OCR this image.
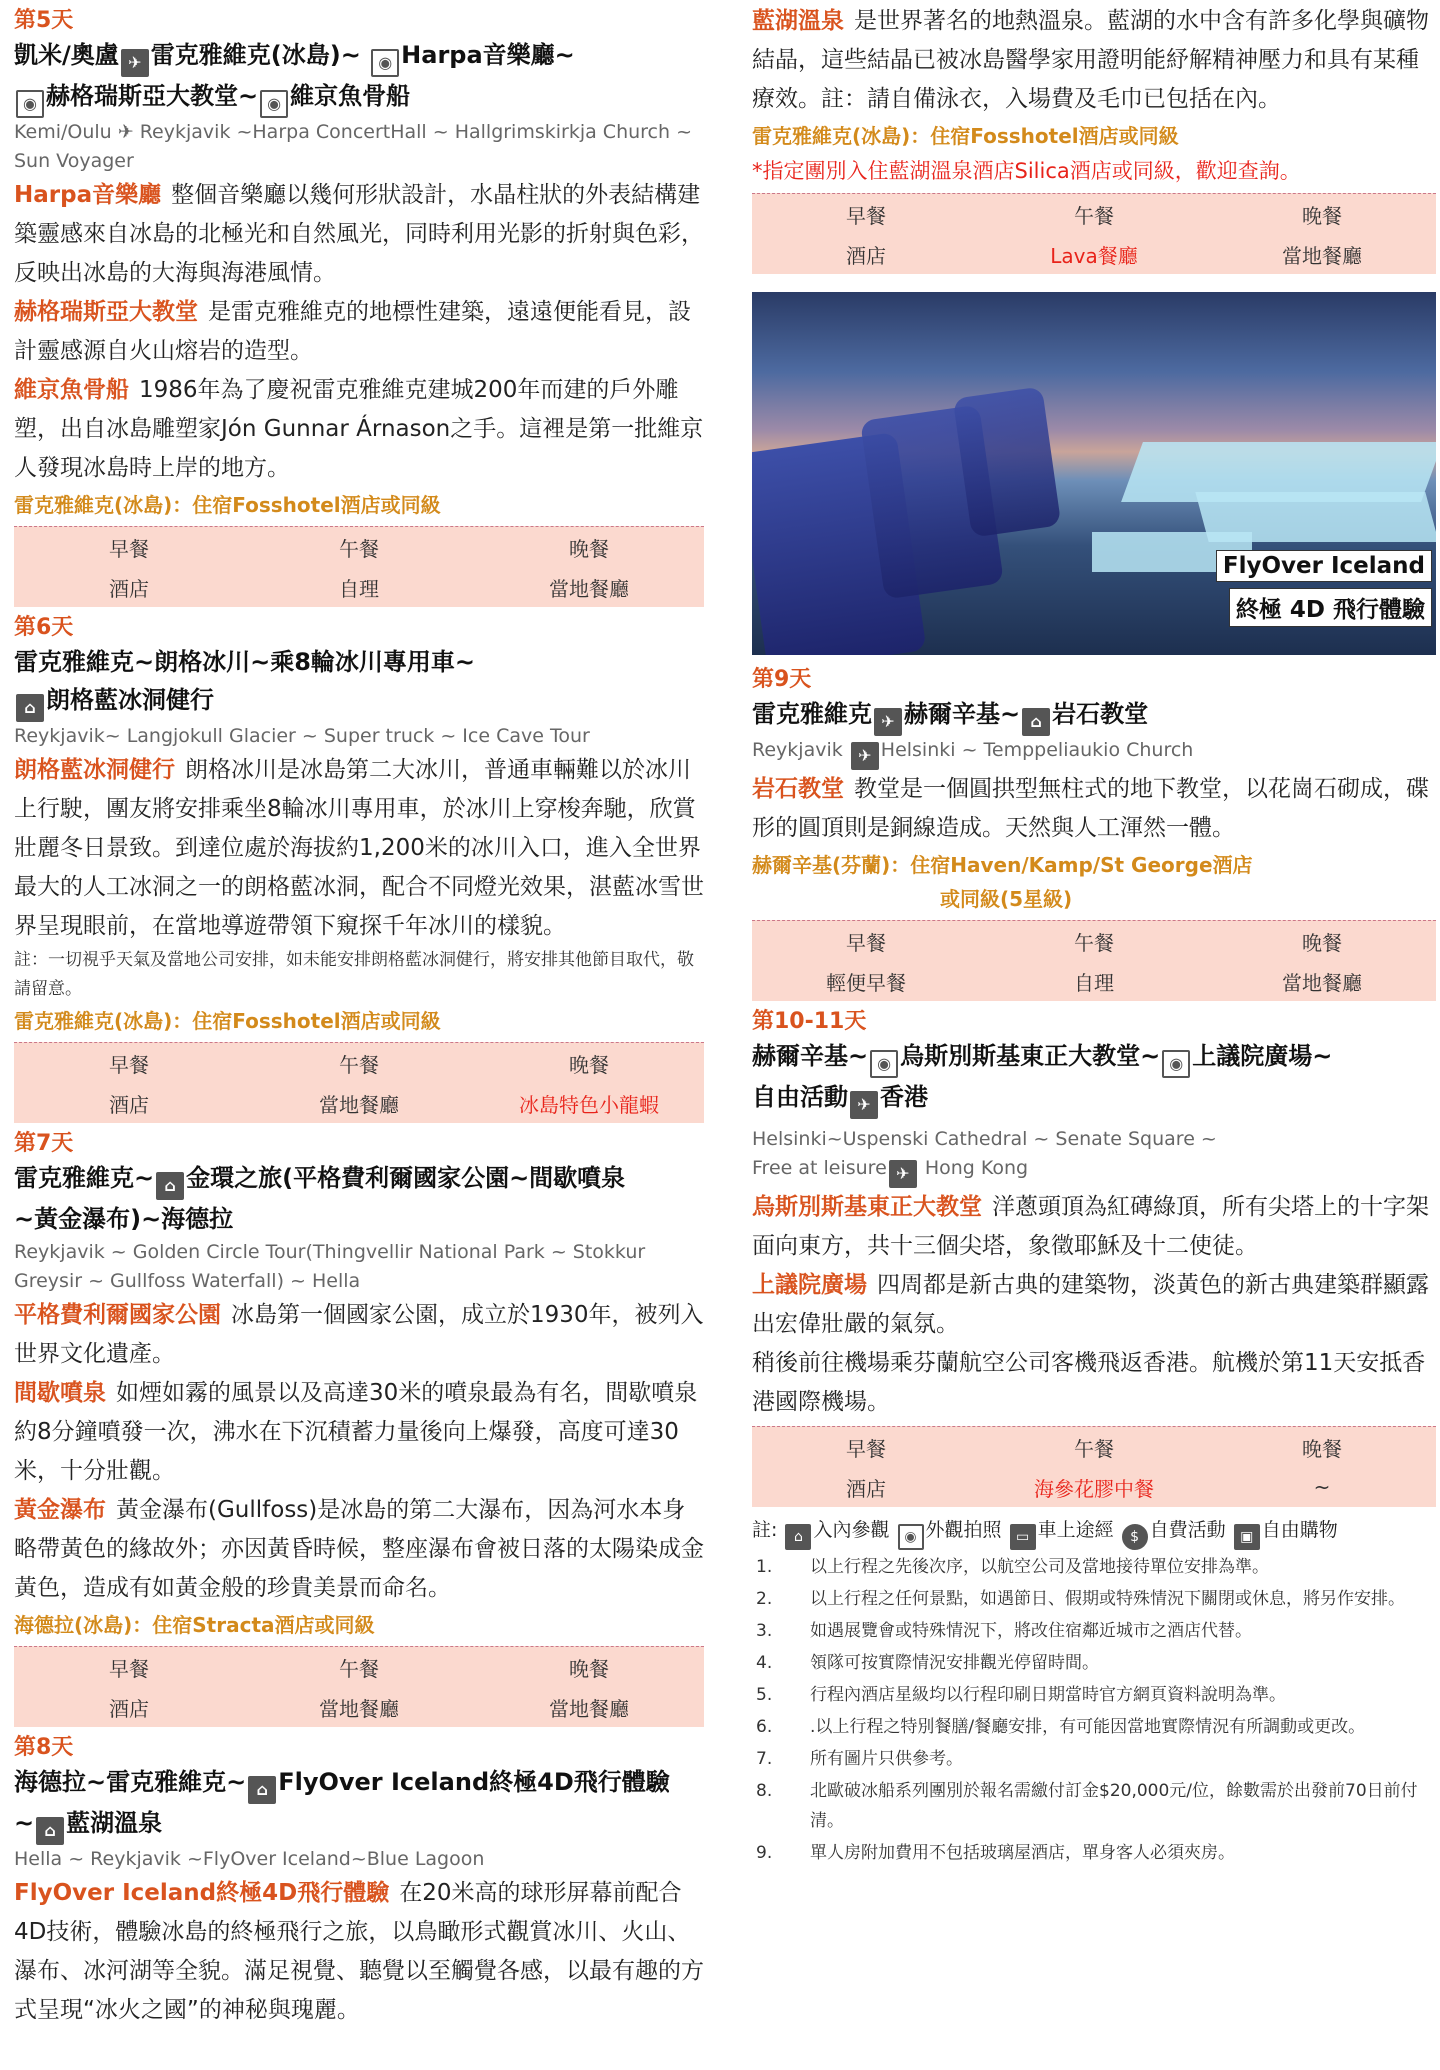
第5天
凱米/奧盧 ✈ 雷克雅維克(冰島)~ ◉ Harpa音樂廳~
◉ 赫格瑞斯亞大教堂~ ◉ 維京魚骨船
Kemi/Oulu ✈ Reykjavik ~Harpa ConcertHall ~ Hallgrimskirkja Church ~ Sun Voyager
Harpa音樂廳 整個音樂廳以幾何形狀設計，水晶柱狀的外表結構建築靈感來自冰島的北極光和自然風光，同時利用光影的折射與色彩，反映出冰島的大海與海港風情。
赫格瑞斯亞大教堂 是雷克雅維克的地標性建築，遠遠便能看見，設計靈感源自火山熔岩的造型。
維京魚骨船 1986年為了慶祝雷克雅維克建城200年而建的戶外雕塑，出自冰島雕塑家Jón Gunnar Árnason之手。這裡是第一批維京人發現冰島時上岸的地方。
雷克雅維克(冰島)：住宿Fosshotel酒店或同級
早餐	午餐	晚餐
酒店	自理	當地餐廳
第6天
雷克雅維克~朗格冰川~乘8輪冰川專用車~
⌂ 朗格藍冰洞健行
Reykjavik~ Langjokull Glacier ~ Super truck ~ Ice Cave Tour
朗格藍冰洞健行 朗格冰川是冰島第二大冰川，普通車輛難以於冰川上行駛，團友將安排乘坐8輪冰川專用車，於冰川上穿梭奔馳，欣賞壯麗冬日景致。到達位處於海拔約1,200米的冰川入口，進入全世界最大的人工冰洞之一的朗格藍冰洞，配合不同燈光效果，湛藍冰雪世界呈現眼前，在當地導遊帶領下窺探千年冰川的樣貌。
註：一切視乎天氣及當地公司安排，如未能安排朗格藍冰洞健行，將安排其他節目取代，敬請留意。
雷克雅維克(冰島)：住宿Fosshotel酒店或同級
早餐	午餐	晚餐
酒店	當地餐廳	冰島特色小龍蝦
第7天
雷克雅維克~ ⌂ 金環之旅(平格費利爾國家公園~間歇噴泉
~黃金瀑布)~海德拉
Reykjavik ~ Golden Circle Tour(Thingvellir National Park ~ Stokkur Greysir ~ Gullfoss Waterfall) ~ Hella
平格費利爾國家公園 冰島第一個國家公園，成立於1930年，被列入世界文化遺產。
間歇噴泉 如煙如霧的風景以及高達30米的噴泉最為有名，間歇噴泉約8分鐘噴發一次，沸水在下沉積蓄力量後向上爆發，高度可達30米，十分壯觀。
黃金瀑布 黃金瀑布(Gullfoss)是冰島的第二大瀑布，因為河水本身略帶黃色的緣故外；亦因黃昏時候，整座瀑布會被日落的太陽染成金黃色，造成有如黃金般的珍貴美景而命名。
海德拉(冰島)：住宿Stracta酒店或同級
早餐	午餐	晚餐
酒店	當地餐廳	當地餐廳
第8天
海德拉~雷克雅維克~ ⌂ FlyOver Iceland終極4D飛行體驗
~ ⌂ 藍湖溫泉
Hella ~ Reykjavik ~FlyOver Iceland~Blue Lagoon
FlyOver Iceland終極4D飛行體驗 在20米高的球形屏幕前配合4D技術，體驗冰島的終極飛行之旅，以鳥瞰形式觀賞冰川、火山、瀑布、冰河湖等全貌。滿足視覺、聽覺以至觸覺各感，以最有趣的方式呈現“冰火之國”的神秘與瑰麗。
藍湖溫泉 是世界著名的地熱溫泉。藍湖的水中含有許多化學與礦物結晶，這些結晶已被冰島醫學家用證明能紓解精神壓力和具有某種療效。註：請自備泳衣，入場費及毛巾已包括在內。
雷克雅維克(冰島)：住宿Fosshotel酒店或同級
*指定團別入住藍湖溫泉酒店Silica酒店或同級，歡迎查詢。
早餐	午餐	晚餐
酒店	Lava餐廳	當地餐廳
FlyOver Iceland
終極 4D 飛行體驗
第9天
雷克雅維克 ✈ 赫爾辛基~ ⌂ 岩石教堂
Reykjavik ✈ Helsinki ~ Temppeliaukio Church
岩石教堂 教堂是一個圓拱型無柱式的地下教堂，以花崗石砌成，碟形的圓頂則是銅線造成。天然與人工渾然一體。
赫爾辛基(芬蘭)：住宿Haven/Kamp/St George酒店
或同級(5星級)
早餐	午餐	晚餐
輕便早餐	自理	當地餐廳
第10-11天
赫爾辛基~ ◉ 烏斯別斯基東正大教堂~ ◉ 上議院廣場~
自由活動 ✈ 香港
Helsinki~Uspenski Cathedral ~ Senate Square ~
Free at leisure ✈ Hong Kong
烏斯別斯基東正大教堂 洋蔥頭頂為紅磚綠頂，所有尖塔上的十字架面向東方，共十三個尖塔，象徵耶穌及十二使徒。
上議院廣場 四周都是新古典的建築物，淡黃色的新古典建築群顯露出宏偉壯嚴的氣氛。
稍後前往機場乘芬蘭航空公司客機飛返香港。航機於第11天安抵香港國際機場。
早餐	午餐	晚餐
酒店	海參花膠中餐	~
註: ⌂ 入內參觀 ◉ 外觀拍照 ▭ 車上途經 $ 自費活動 ▣ 自由購物
1.	以上行程之先後次序，以航空公司及當地接待單位安排為準。
2.	以上行程之任何景點，如遇節日、假期或特殊情況下關閉或休息，將另作安排。
3.	如遇展覽會或特殊情況下，將改住宿鄰近城市之酒店代替。
4.	領隊可按實際情況安排觀光停留時間。
5.	行程內酒店星級均以行程印刷日期當時官方網頁資料說明為準。
6.	.以上行程之特別餐膳/餐廳安排，有可能因當地實際情況有所調動或更改。
7.	所有圖片只供參考。
8.	北歐破冰船系列團別於報名需繳付訂金$20,000元/位，餘數需於出發前70日前付清。
9.	單人房附加費用不包括玻璃屋酒店，單身客人必須夾房。
